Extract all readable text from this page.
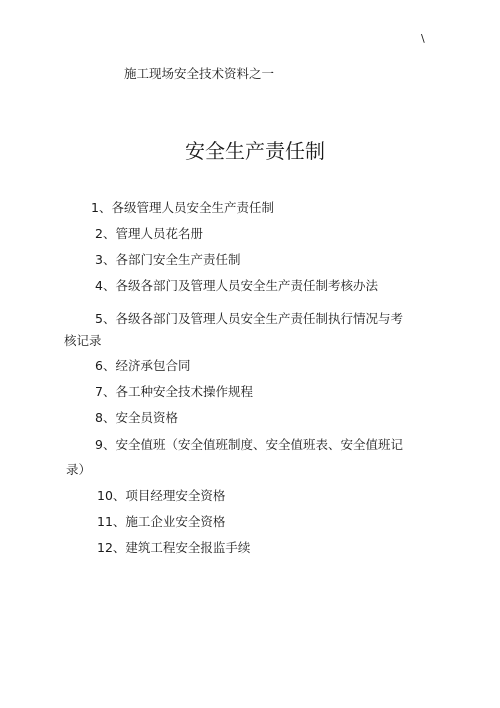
\
施工现场安全技术资料之一
安全生产责任制
1、各级管理人员安全生产责任制
2、管理人员花名册
3、各部门安全生产责任制
4、各级各部门及管理人员安全生产责任制考核办法
5、各级各部门及管理人员安全生产责任制执行情况与考
核记录
6、经济承包合同
7、各工种安全技术操作规程
8、安全员资格
9、安全值班（安全值班制度、安全值班表、安全值班记
录）
10、项目经理安全资格
11、施工企业安全资格
12、建筑工程安全报监手续
